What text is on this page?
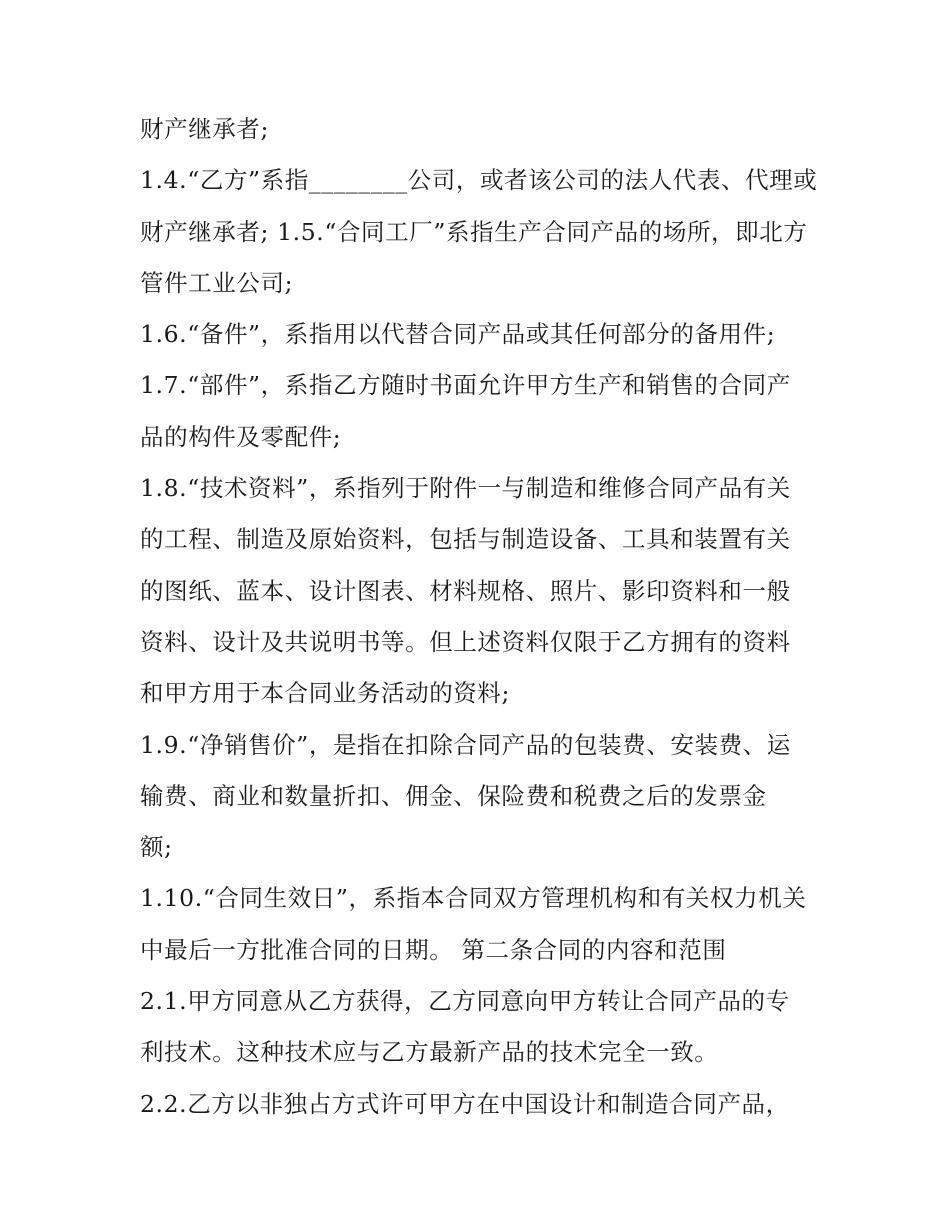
财产继承者;
1.4.“乙方”系指________公司，或者该公司的法人代表、代理或
财产继承者; 1.5.“合同工厂”系指生产合同产品的场所，即北方
管件工业公司;
1.6.“备件”，系指用以代替合同产品或其任何部分的备用件;
1.7.“部件”，系指乙方随时书面允许甲方生产和销售的合同产
品的构件及零配件;
1.8.“技术资料”，系指列于附件一与制造和维修合同产品有关
的工程、制造及原始资料，包括与制造设备、工具和装置有关
的图纸、蓝本、设计图表、材料规格、照片、影印资料和一般
资料、设计及共说明书等。但上述资料仅限于乙方拥有的资料
和甲方用于本合同业务活动的资料;
1.9.“净销售价”，是指在扣除合同产品的包装费、安装费、运
输费、商业和数量折扣、佣金、保险费和税费之后的发票金
额;
1.10.“合同生效日”，系指本合同双方管理机构和有关权力机关
中最后一方批准合同的日期。 第二条合同的内容和范围
2.1.甲方同意从乙方获得，乙方同意向甲方转让合同产品的专
利技术。这种技术应与乙方最新产品的技术完全一致。
2.2.乙方以非独占方式许可甲方在中国设计和制造合同产品，
